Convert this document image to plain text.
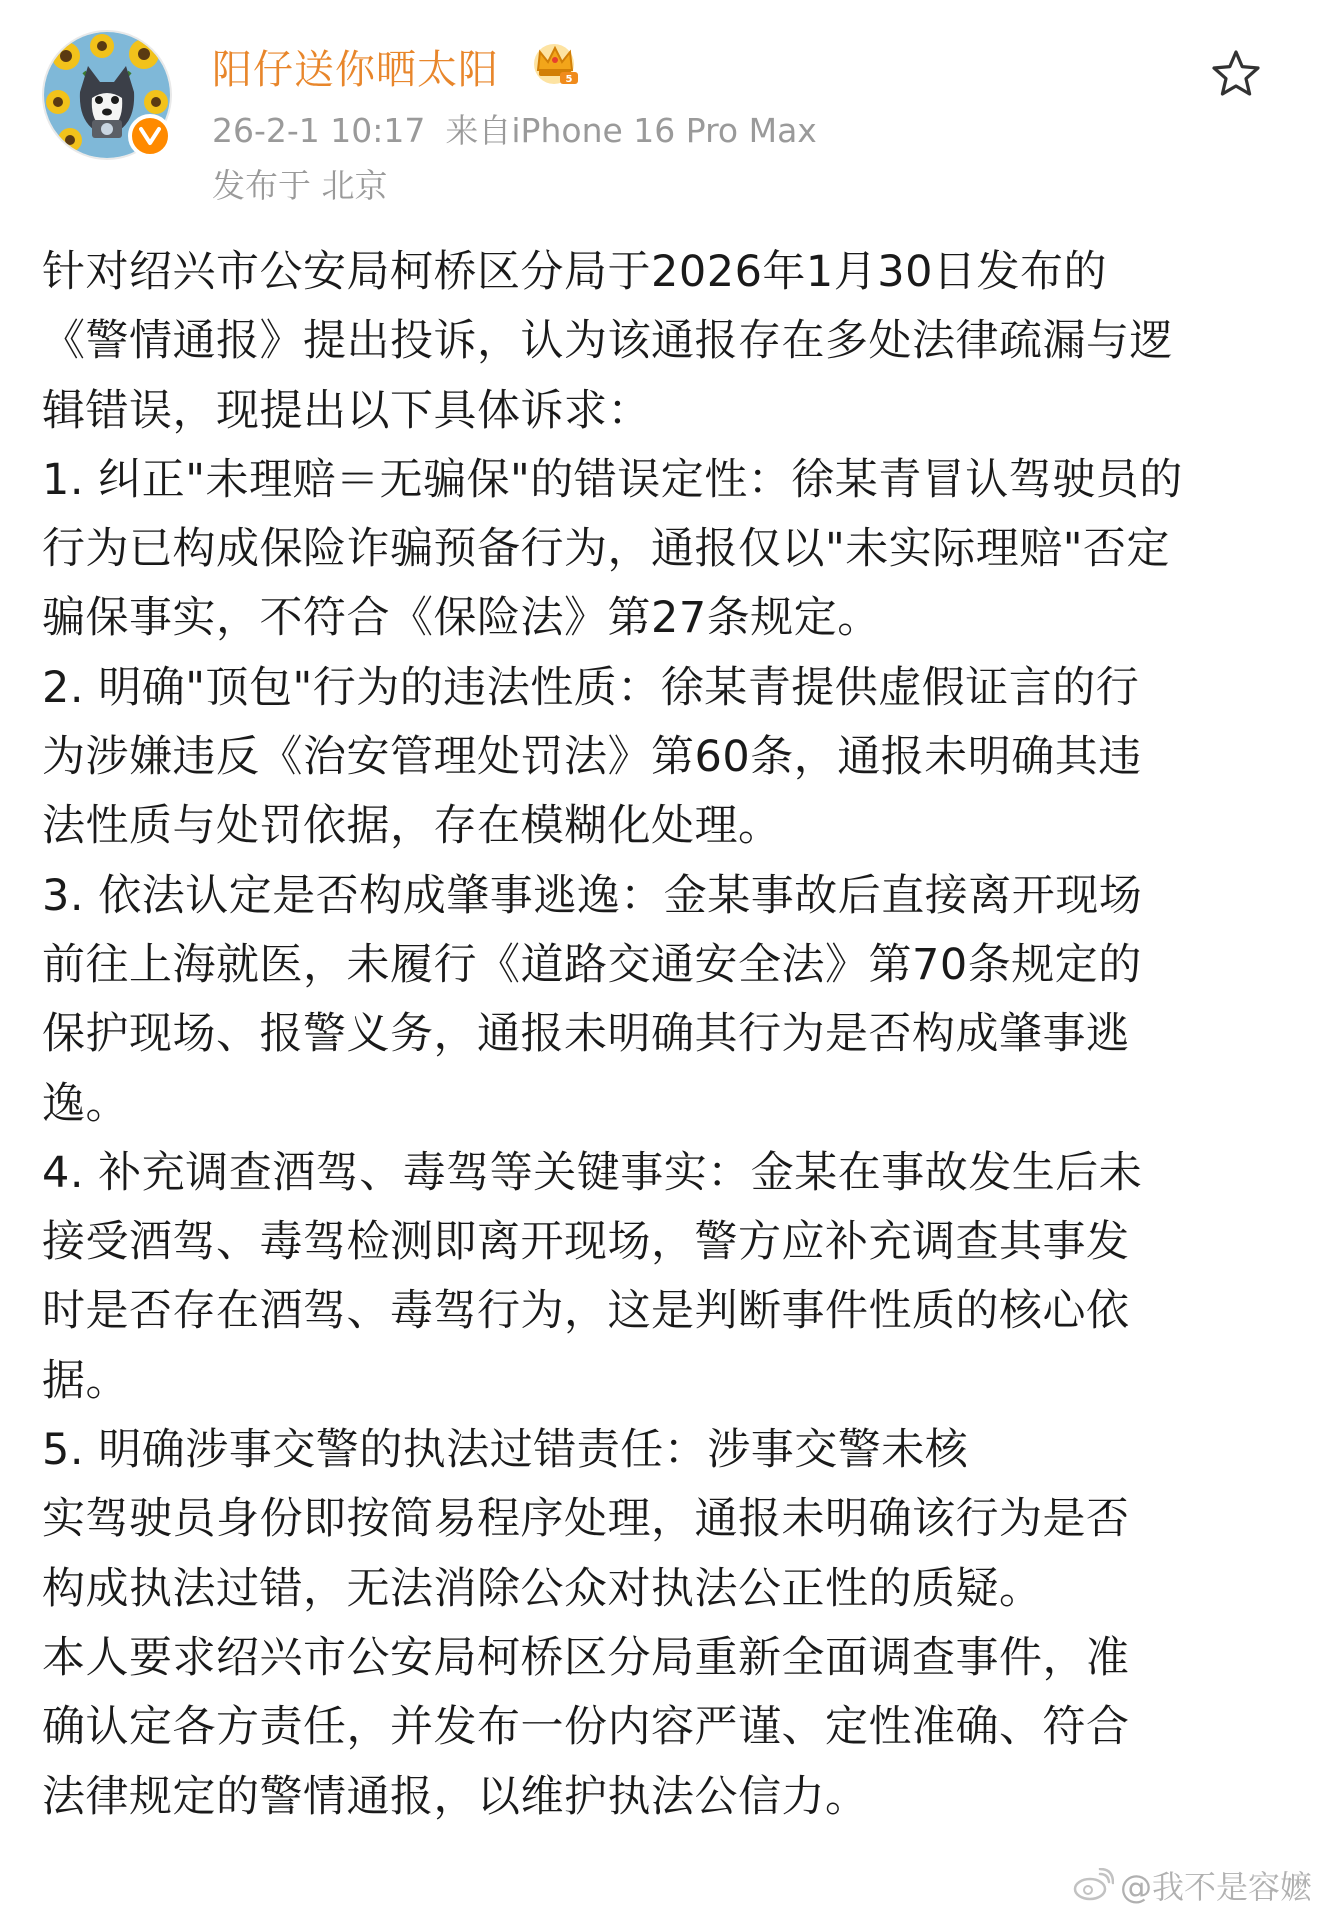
阳仔送你晒太阳	5
26-2-1 10:17 来自iPhone 16 Pro Max
发布于 北京
针对绍兴市公安局柯桥区分局于2026年1月30日发布的
《警情通报》提出投诉，认为该通报存在多处法律疏漏与逻
辑错误，现提出以下具体诉求：
1. 纠正"未理赔＝无骗保"的错误定性：徐某青冒认驾驶员的
行为已构成保险诈骗预备行为，通报仅以"未实际理赔"否定
骗保事实，不符合《保险法》第27条规定。
2. 明确"顶包"行为的违法性质：徐某青提供虚假证言的行
为涉嫌违反《治安管理处罚法》第60条，通报未明确其违
法性质与处罚依据，存在模糊化处理。
3. 依法认定是否构成肇事逃逸：金某事故后直接离开现场
前往上海就医，未履行《道路交通安全法》第70条规定的
保护现场、报警义务，通报未明确其行为是否构成肇事逃
逸。
4. 补充调查酒驾、毒驾等关键事实：金某在事故发生后未
接受酒驾、毒驾检测即离开现场，警方应补充调查其事发
时是否存在酒驾、毒驾行为，这是判断事件性质的核心依
据。
5. 明确涉事交警的执法过错责任：涉事交警未核
实驾驶员身份即按简易程序处理，通报未明确该行为是否
构成执法过错，无法消除公众对执法公正性的质疑。
本人要求绍兴市公安局柯桥区分局重新全面调查事件，准
确认定各方责任，并发布一份内容严谨、定性准确、符合
法律规定的警情通报，以维护执法公信力。
@我不是容嬷
